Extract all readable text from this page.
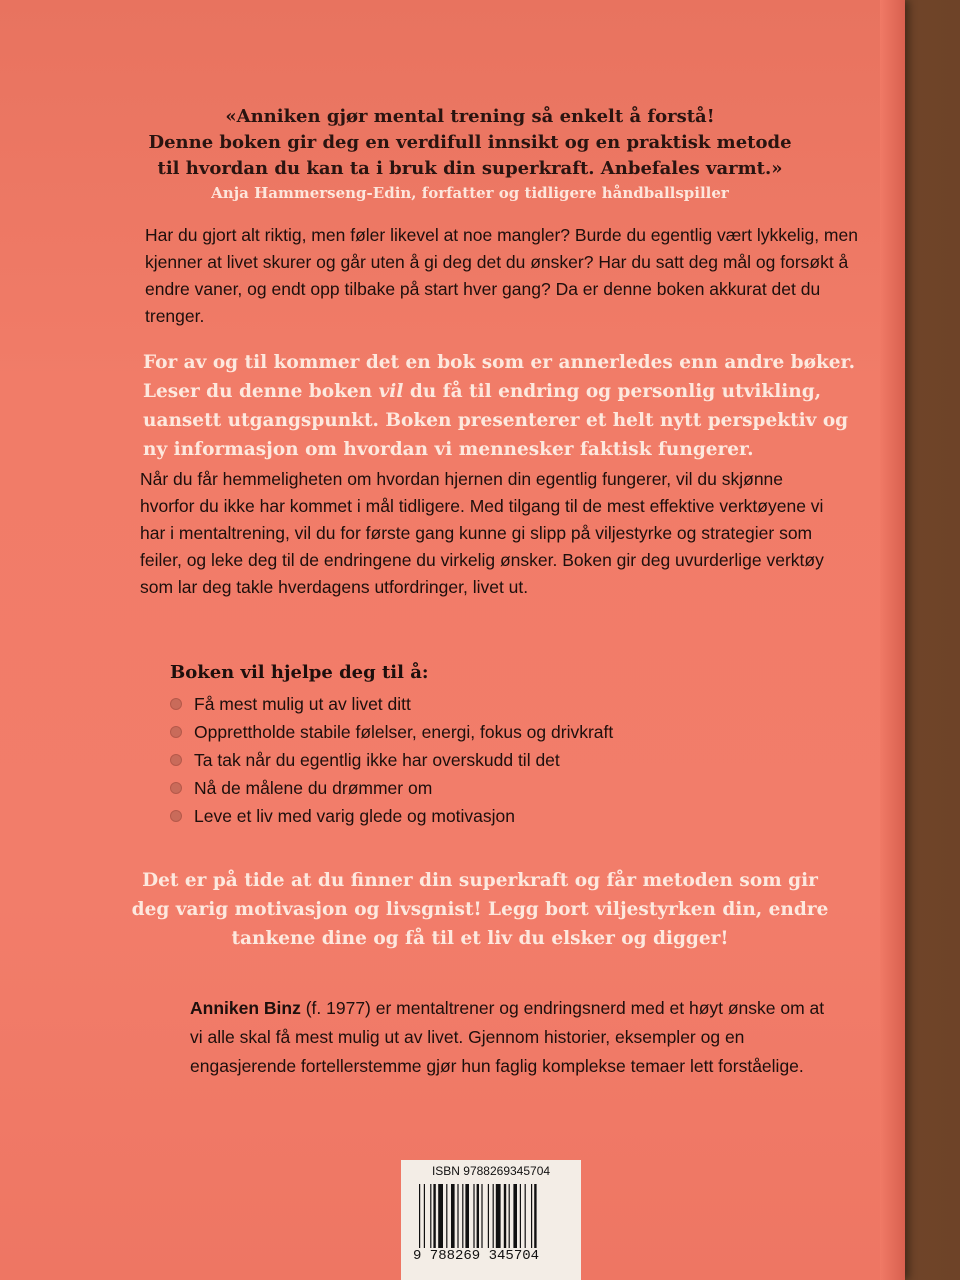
«Anniken gjør mental trening så enkelt å forstå!
Denne boken gir deg en verdifull innsikt og en praktisk metode
til hvordan du kan ta i bruk din superkraft. Anbefales varmt.»
Anja Hammerseng-Edin, forfatter og tidligere håndballspiller
Har du gjort alt riktig, men føler likevel at noe mangler? Burde du egentlig vært lykkelig, men kjenner at livet skurer og går uten å gi deg det du ønsker? Har du satt deg mål og forsøkt å endre vaner, og endt opp tilbake på start hver gang? Da er denne boken akkurat det du trenger.
For av og til kommer det en bok som er annerledes enn andre bøker. Leser du denne boken vil du få til endring og personlig utvikling, uansett utgangspunkt. Boken presenterer et helt nytt perspektiv og ny informasjon om hvordan vi mennesker faktisk fungerer.
Når du får hemmeligheten om hvordan hjernen din egentlig fungerer, vil du skjønne hvorfor du ikke har kommet i mål tidligere. Med tilgang til de mest effektive verktøyene vi har i mentaltrening, vil du for første gang kunne gi slipp på viljestyrke og strategier som feiler, og leke deg til de endringene du virkelig ønsker. Boken gir deg uvurderlige verktøy som lar deg takle hverdagens utfordringer, livet ut.
Boken vil hjelpe deg til å:
Få mest mulig ut av livet ditt
Opprettholde stabile følelser, energi, fokus og drivkraft
Ta tak når du egentlig ikke har overskudd til det
Nå de målene du drømmer om
Leve et liv med varig glede og motivasjon
Det er på tide at du finner din superkraft og får metoden som gir deg varig motivasjon og livsgnist! Legg bort viljestyrken din, endre tankene dine og få til et liv du elsker og digger!
Anniken Binz (f. 1977) er mentaltrener og endringsnerd med et høyt ønske om at vi alle skal få mest mulig ut av livet. Gjennom historier, eksempler og en engasjerende fortellerstemme gjør hun faglig komplekse temaer lett forståelige.
ISBN 9788269345704
9 788269 345704
